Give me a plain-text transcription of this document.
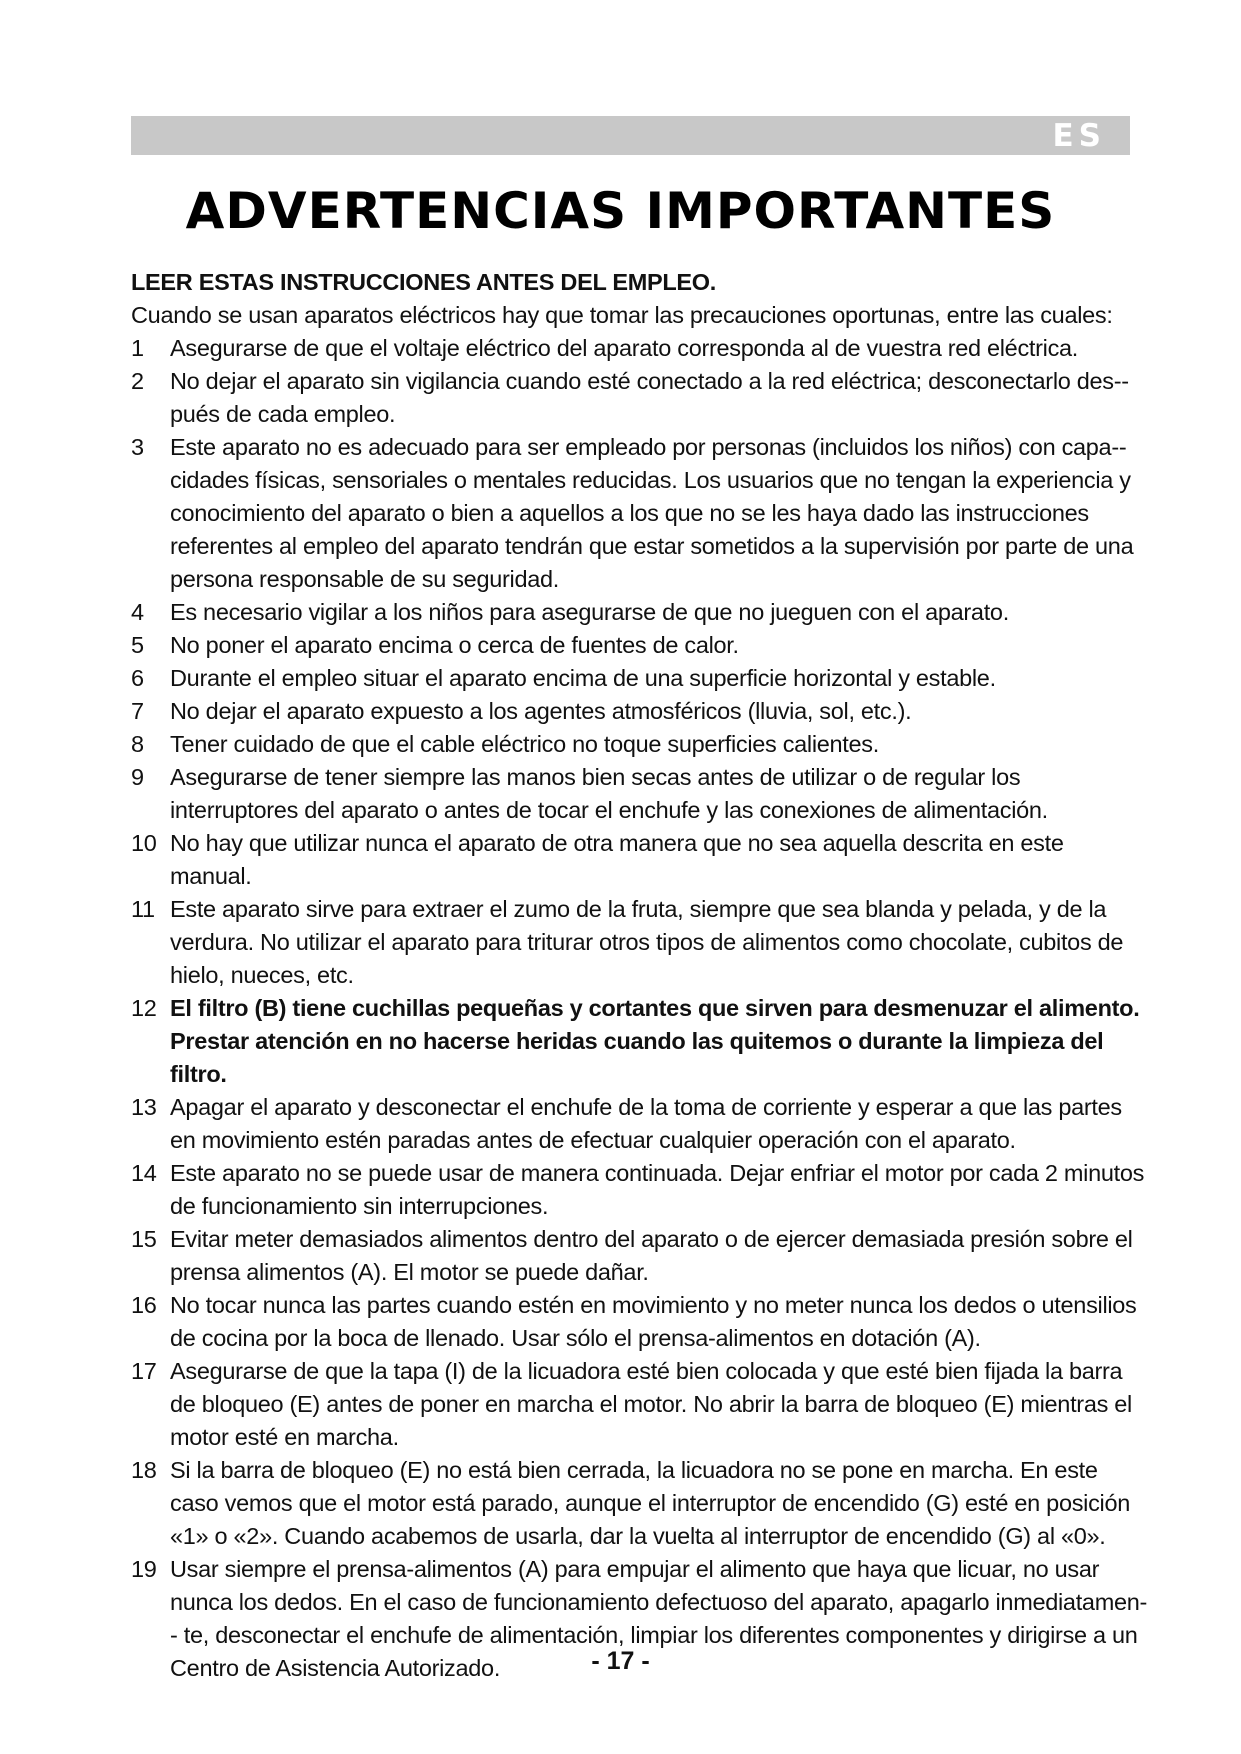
ES
ADVERTENCIAS IMPORTANTES
LEER ESTAS INSTRUCCIONES ANTES DEL EMPLEO.
Cuando se usan aparatos eléctricos hay que tomar las precauciones oportunas, entre las cuales:
1 Asegurarse de que el voltaje eléctrico del aparato corresponda al de vuestra red eléctrica.
2 No dejar el aparato sin vigilancia cuando esté conectado a la red eléctrica; desconectarlo des-- pués de cada empleo.
3 Este aparato no es adecuado para ser empleado por personas (incluidos los niños) con capa-- cidades físicas, sensoriales o mentales reducidas. Los usuarios que no tengan la experiencia y conocimiento del aparato o bien a aquellos a los que no se les haya dado las instrucciones referentes al empleo del aparato tendrán que estar sometidos a la supervisión por parte de una persona responsable de su seguridad.
4 Es necesario vigilar a los niños para asegurarse de que no jueguen con el aparato.
5 No poner el aparato encima o cerca de fuentes de calor.
6 Durante el empleo situar el aparato encima de una superficie horizontal y estable.
7 No dejar el aparato expuesto a los agentes atmosféricos (lluvia, sol, etc.).
8 Tener cuidado de que el cable eléctrico no toque superficies calientes.
9 Asegurarse de tener siempre las manos bien secas antes de utilizar o de regular los interruptores del aparato o antes de tocar el enchufe y las conexiones de alimentación.
10 No hay que utilizar nunca el aparato de otra manera que no sea aquella descrita en este manual.
11 Este aparato sirve para extraer el zumo de la fruta, siempre que sea blanda y pelada, y de la verdura. No utilizar el aparato para triturar otros tipos de alimentos como chocolate, cubitos de hielo, nueces, etc.
12 El filtro (B) tiene cuchillas pequeñas y cortantes que sirven para desmenuzar el alimento. Prestar atención en no hacerse heridas cuando las quitemos o durante la limpieza del filtro.
13 Apagar el aparato y desconectar el enchufe de la toma de corriente y esperar a que las partes en movimiento estén paradas antes de efectuar cualquier operación con el aparato.
14 Este aparato no se puede usar de manera continuada. Dejar enfriar el motor por cada 2 minutos de funcionamiento sin interrupciones.
15 Evitar meter demasiados alimentos dentro del aparato o de ejercer demasiada presión sobre el prensa alimentos (A). El motor se puede dañar.
16 No tocar nunca las partes cuando estén en movimiento y no meter nunca los dedos o utensilios de cocina por la boca de llenado. Usar sólo el prensa-alimentos en dotación (A).
17 Asegurarse de que la tapa (I) de la licuadora esté bien colocada y que esté bien fijada la barra de bloqueo (E) antes de poner en marcha el motor. No abrir la barra de bloqueo (E) mientras el motor esté en marcha.
18 Si la barra de bloqueo (E) no está bien cerrada, la licuadora no se pone en marcha. En este caso vemos que el motor está parado, aunque el interruptor de encendido (G) esté en posición «1» o «2». Cuando acabemos de usarla, dar la vuelta al interruptor de encendido (G) al «0».
19 Usar siempre el prensa-alimentos (A) para empujar el alimento que haya que licuar, no usar nunca los dedos. En el caso de funcionamiento defectuoso del aparato, apagarlo inmediatamen-- te, desconectar el enchufe de alimentación, limpiar los diferentes componentes y dirigirse a un Centro de Asistencia Autorizado.	- 17 -
